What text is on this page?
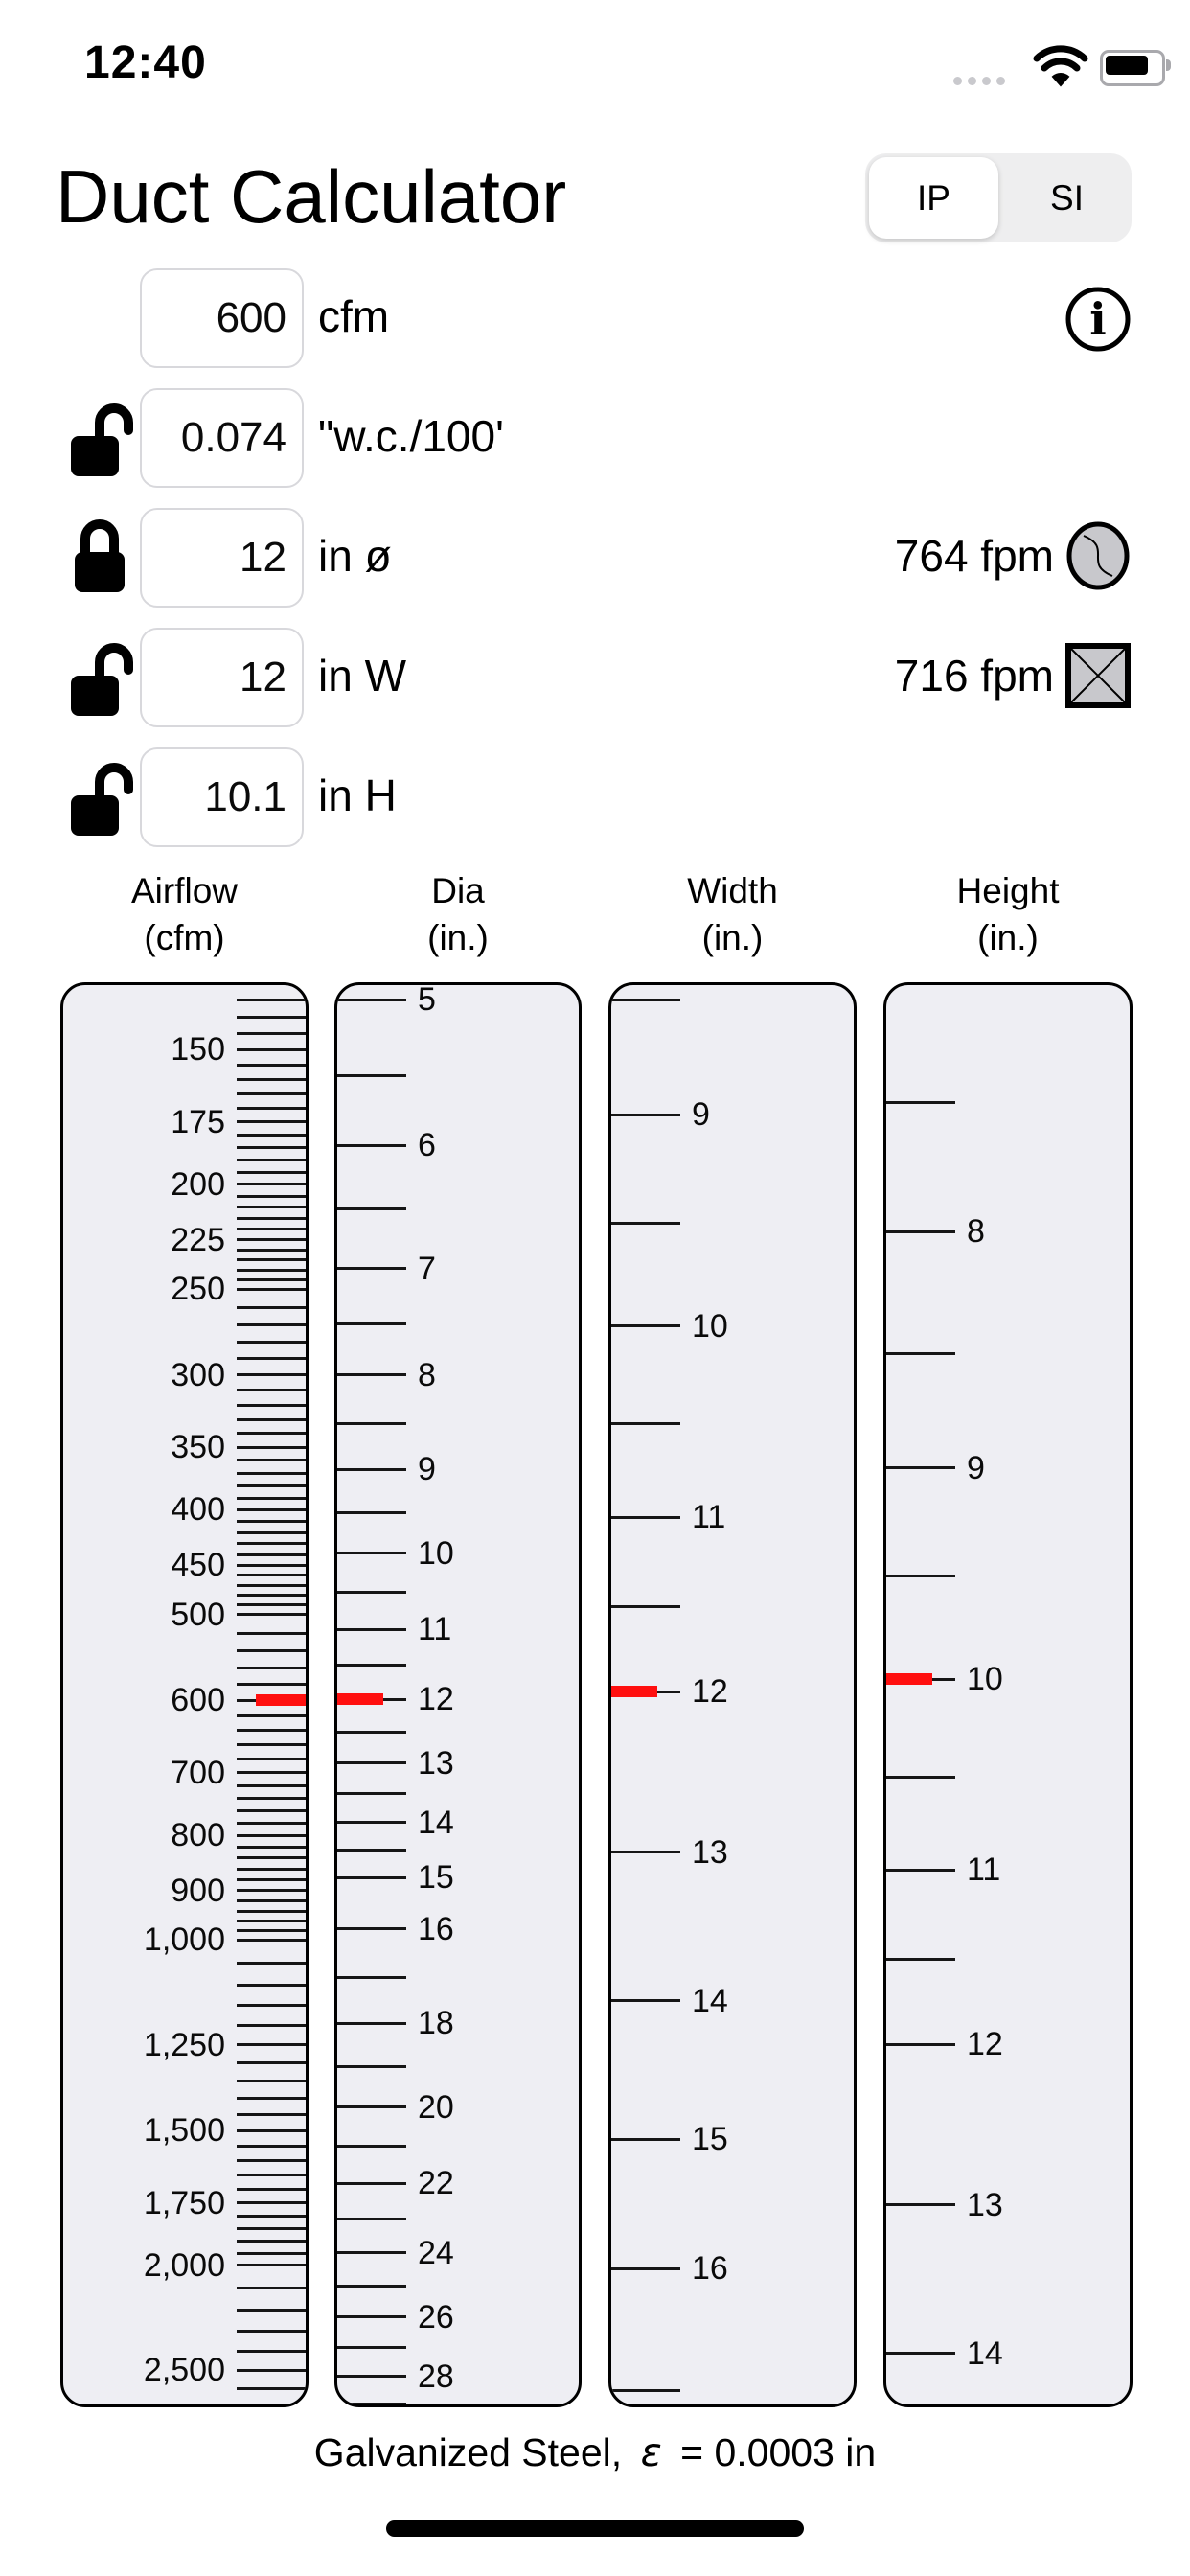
12:40
Duct Calculator	IP	SI
600 cfm	i
0.074 "w.c./100'
12 in ø	764 fpm
12 in W	716 fpm
10.1 in H
Airflow
(cfm)
Dia
(in.)
Width
(in.)
Height
(in.)
150
175
200
225
250
300
350
400
450
500
600
700
800
900
1,000
1,250
1,500
1,750
2,000
2,500
5
6
7
8
9
10
11
12
13
14
15
16
18
20
22
24
26
28
9
10
11
12
13
14
15
16
8
9
10
11
12
13
14
Galvanized Steel, ε = 0.0003 in
